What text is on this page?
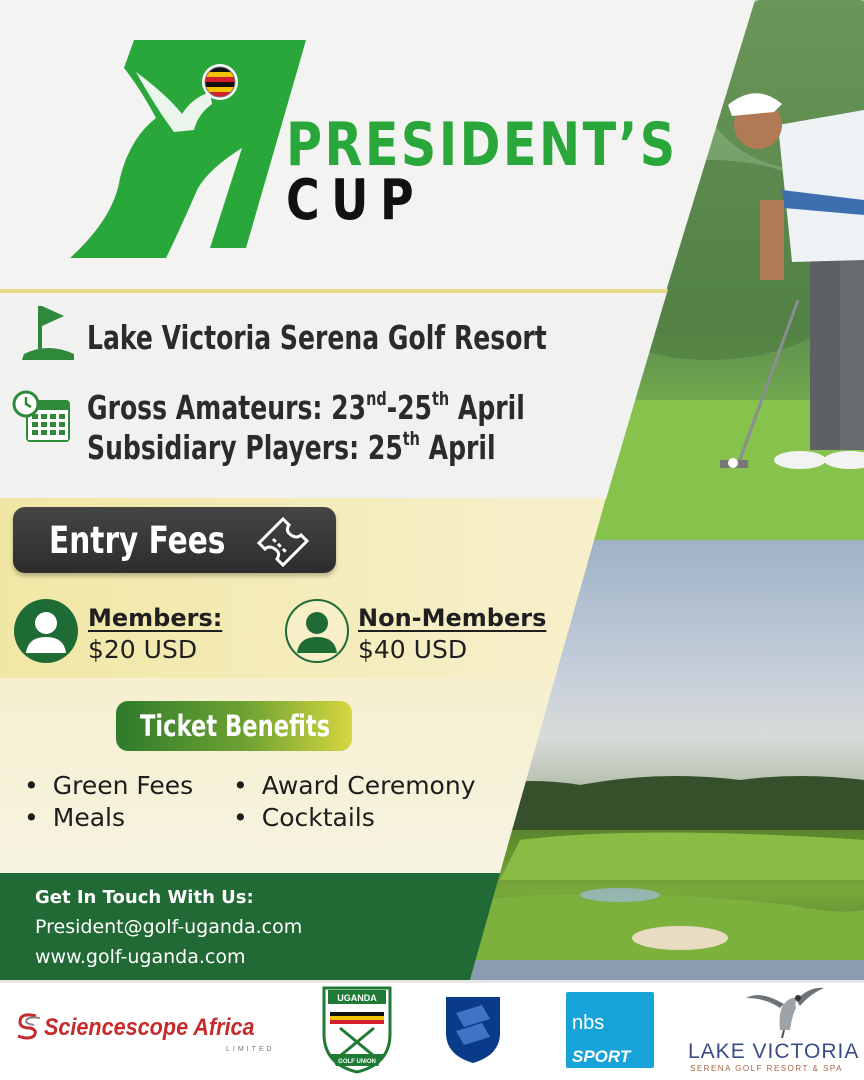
PRESIDENT’S
CUP
Lake Victoria Serena Golf Resort
Gross Amateurs: 23nd-25th April
Subsidiary Players: 25th April
Entry Fees
Members:
$20 USD
Non-Members
$40 USD
Ticket Benefits
• Green Fees
• Meals
• Award Ceremony
• Cocktails
Get In Touch With Us:
President@golf-uganda.com
www.golf-uganda.com
Sciencescope Africa
LIMITED
UGANDA
GOLF UNION
nbs
SPORT	LAKE VICTORIA
SERENA GOLF RESORT & SPA
